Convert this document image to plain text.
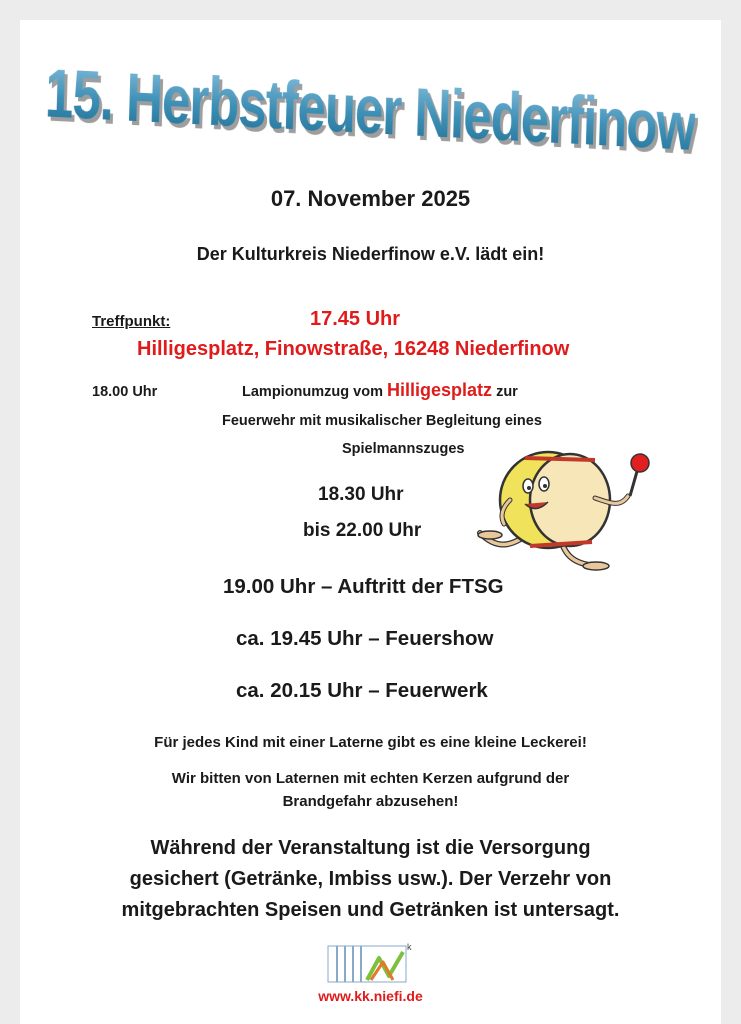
15. Herbstfeuer Niederfinow
07. November 2025
Der Kulturkreis Niederfinow e.V. lädt ein!
Treffpunkt:	17.45 Uhr
Hilligesplatz, Finowstraße, 16248 Niederfinow
18.00 Uhr	Lampionumzug vom Hilligesplatz zur
Feuerwehr mit musikalischer Begleitung eines
Spielmannszuges
18.30 Uhr
bis 22.00 Uhr
19.00 Uhr – Auftritt der FTSG
ca. 19.45 Uhr – Feuershow
ca. 20.15 Uhr – Feuerwerk
Für jedes Kind mit einer Laterne gibt es eine kleine Leckerei!
Wir bitten von Laternen mit echten Kerzen aufgrund der
Brandgefahr abzusehen!
Während der Veranstaltung ist die Versorgung
gesichert (Getränke, Imbiss usw.). Der Verzehr von
mitgebrachten Speisen und Getränken ist untersagt.
k
www.kk.niefi.de
